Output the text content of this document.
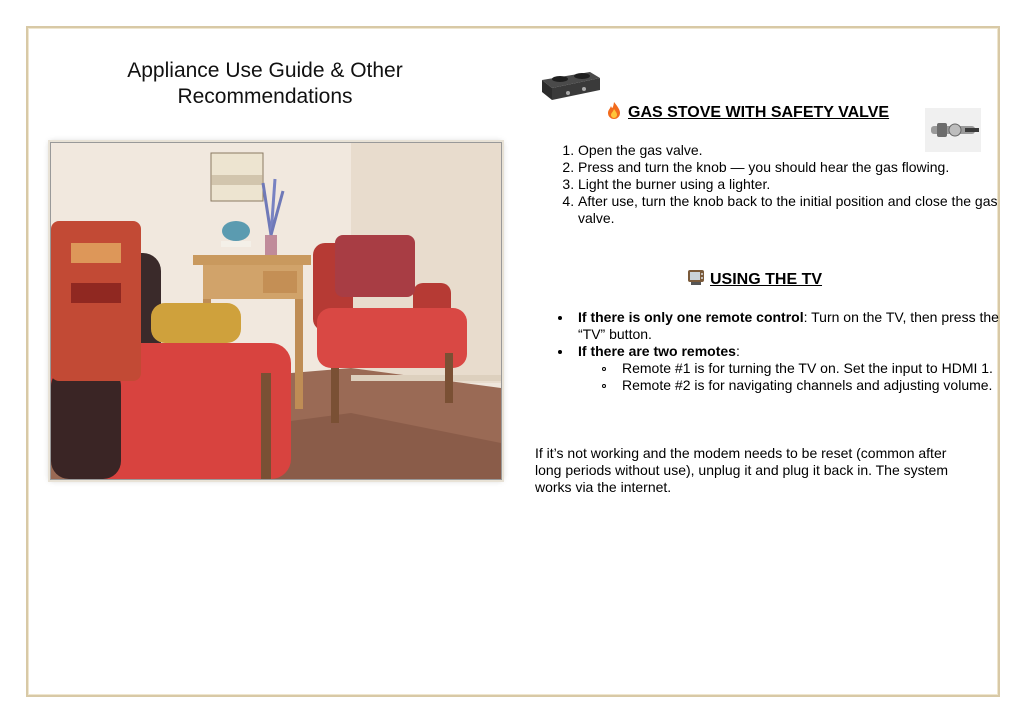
Appliance Use Guide & Other
Recommendations
GAS STOVE WITH SAFETY VALVE
1. Open the gas valve.
2. Press and turn the knob — you should hear the gas flowing.
3. Light the burner using a lighter.
4. After use, turn the knob back to the initial position and close the gas valve.
USING THE TV
If there is only one remote control: Turn on the TV, then press the “TV” button.
If there are two remotes:
Remote #1 is for turning the TV on. Set the input to HDMI 1.
Remote #2 is for navigating channels and adjusting volume.
If it’s not working and the modem needs to be reset (common after long periods without use), unplug it and plug it back in. The system works via the internet.
